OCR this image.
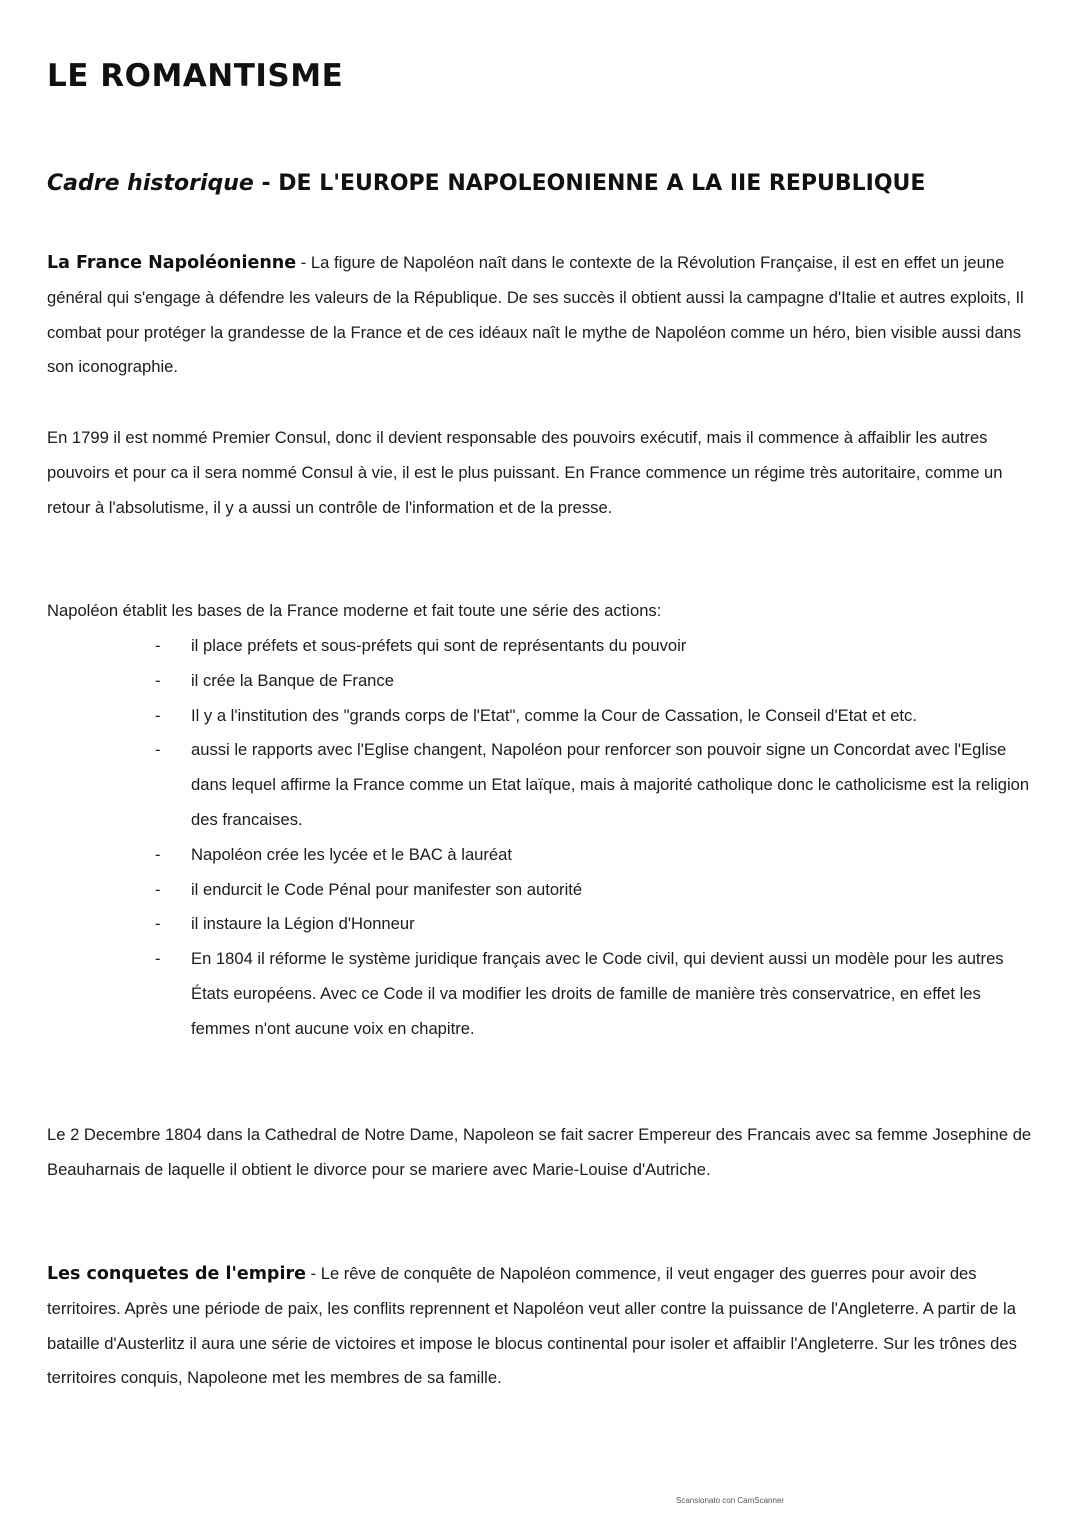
LE ROMANTISME
Cadre historique - DE L'EUROPE NAPOLEONIENNE A LA IIE REPUBLIQUE

La France Napoléonienne - La figure de Napoléon naît dans le contexte de la Révolution Française, il est en effet un jeune général qui s'engage à défendre les valeurs de la République. De ses succès il obtient aussi la campagne d'Italie et autres exploits, Il combat pour protéger la grandesse de la France et de ces idéaux naît le mythe de Napoléon comme un héro, bien visible aussi dans son iconographie.

En 1799 il est nommé Premier Consul, donc il devient responsable des pouvoirs exécutif, mais il commence à affaiblir les autres pouvoirs et pour ca il sera nommé Consul à vie, il est le plus puissant. En France commence un régime très autoritaire, comme un retour à l'absolutisme, il y a aussi un contrôle de l'information et de la presse.

Napoléon établit les bases de la France moderne et fait toute une série des actions:

-	il place préfets et sous-préfets qui sont de représentants du pouvoir
-	il crée la Banque de France
-	Il y a l'institution des "grands corps de l'Etat", comme la Cour de Cassation, le Conseil d'Etat et etc.
-	aussi le rapports avec l'Eglise changent, Napoléon pour renforcer son pouvoir signe un Concordat avec l'Eglise dans lequel affirme la France comme un Etat laïque, mais à majorité catholique donc le catholicisme est la religion des francaises.
-	Napoléon crée les lycée et le BAC à lauréat
-	il endurcit le Code Pénal pour manifester son autorité
-	il instaure la Légion d'Honneur
-	En 1804 il réforme le système juridique français avec le Code civil, qui devient aussi un modèle pour les autres États européens. Avec ce Code il va modifier les droits de famille de manière très conservatrice, en effet les femmes n'ont aucune voix en chapitre.

Le 2 Decembre 1804 dans la Cathedral de Notre Dame, Napoleon se fait sacrer Empereur des Francais avec sa femme Josephine de Beauharnais de laquelle il obtient le divorce pour se mariere avec Marie-Louise d'Autriche.

Les conquetes de l'empire - Le rêve de conquête de Napoléon commence, il veut engager des guerres pour avoir des territoires. Après une période de paix, les conflits reprennent et Napoléon veut aller contre la puissance de l'Angleterre. A partir de la bataille d'Austerlitz il aura une série de victoires et impose le blocus continental pour isoler et affaiblir l'Angleterre. Sur les trônes des territoires conquis, Napoleone met les membres de sa famille.

Scansionato con CamScanner
